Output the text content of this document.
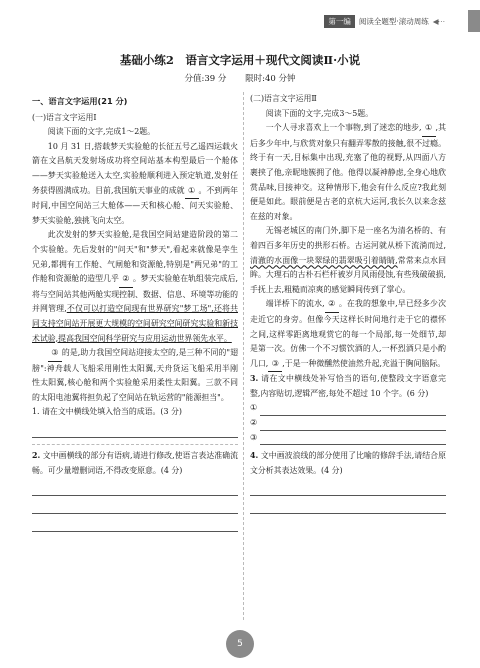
第一编	阅读全题型·滚动周练 ◀⋯
基础小练2　语言文字运用＋现代文阅读Ⅱ·小说
分值:39 分 限时:40 分钟
一、语言文字运用(21 分)
(一)语言文字运用Ⅰ

阅读下面的文字,完成1～2题。

10 月 31 日,搭载梦天实验舱的长征五号乙遥四运载火箭在文昌航天发射场成功将空间站基本构型最后一个舱体——梦天实验舱送入太空,实验舱顺利进入预定轨道,发射任务获得圆满成功。目前,我国航天事业的成就 ① 。不到两年时间,中国空间站三大舱体——天和核心舱、问天实验舱、梦天实验舱,独挑飞向太空。

此次发射的梦天实验舱,是我国空间站建造阶段的第二个实验舱。先后发射的"问天"和"梦天",看起来就像是孪生兄弟,都拥有工作舱、气闸舱和资源舱,特别是"两兄弟"的工作舱和资源舱的造型几乎 ② 。梦天实验舱在轨组装完成后,将与空间站其他两舱实现控制、数据、信息、环境等功能的并网管理,不仅可以打造空间现有世界研究"梦工场",还将共同支持空间站开展更大规模的空间研究空间研究实验和新技术试验,提高我国空间科学研究与应用运动世界领先水平。

③ 的是,助力我国空间站迎接太空的,是三种不同的"翅膀":神舟载人飞船采用刚性太阳翼,天舟货运飞船采用半刚性太阳翼,核心舱和两个实验舱采用柔性太阳翼。三款不同的太阳电池翼将担负起了空间站在轨运营的"能源担当"。

1. 请在文中横线处填入恰当的成语。(3 分)

2. 文中画横线的部分有语病,请进行修改,使语言表达准确流畅。可少量增删词语,不得改变原意。(4 分)

(二)语言文字运用Ⅱ

阅读下面的文字,完成3～5题。

一个人寻求喜欢上一个事物,到了迷恋的地步, ① ,其后多少年中,与欣赏对象只有翻弄零散的接触,很不过瘾。终于有一天,目标集中出现,充塞了他的视野,从四面八方裹挟了他,亲昵地簇拥了他。他得以凝神静虑,全身心地欣赏品味,目接神交。这种情形下,他会有什么反应?我此刻便是如此。眼前便是古老的京杭大运河,我长久以来念兹在兹的对象。

无锡老城区的南门外,脚下是一座名为清名桥的、有着四百多年历史的拱形石桥。古运河就从桥下流淌而过,清澈的水面像一块翠绿的翡翠吸引着睛睛,常常来点水回眸。大理石的古朴石栏杆被岁月风雨侵蚀,有些残破破损,手抚上去,粗糙而凉爽的感觉瞬间传到了掌心。

端详桥下的流水, ② 。在我的想象中,早已经多少次走近它的身旁。但像今天这样长时间地行走于它的襟怀之间,这样零距离地观赏它的每一个局部,每一处细节,却是第一次。仿佛一个不习惯饮酒的人,一杯烈酒只是小酌几口, ③ ,于是一种微醺然使油然升起,充溢于胸间脑际。

3. 请在文中横线处补写恰当的语句,使整段文字语意完整,内容贴切,逻辑严密,每处不超过 10 个字。(6 分)

①
②
③

4. 文中画波浪线的部分使用了比喻的修辞手法,请结合原文分析其表达效果。(4 分)

5
